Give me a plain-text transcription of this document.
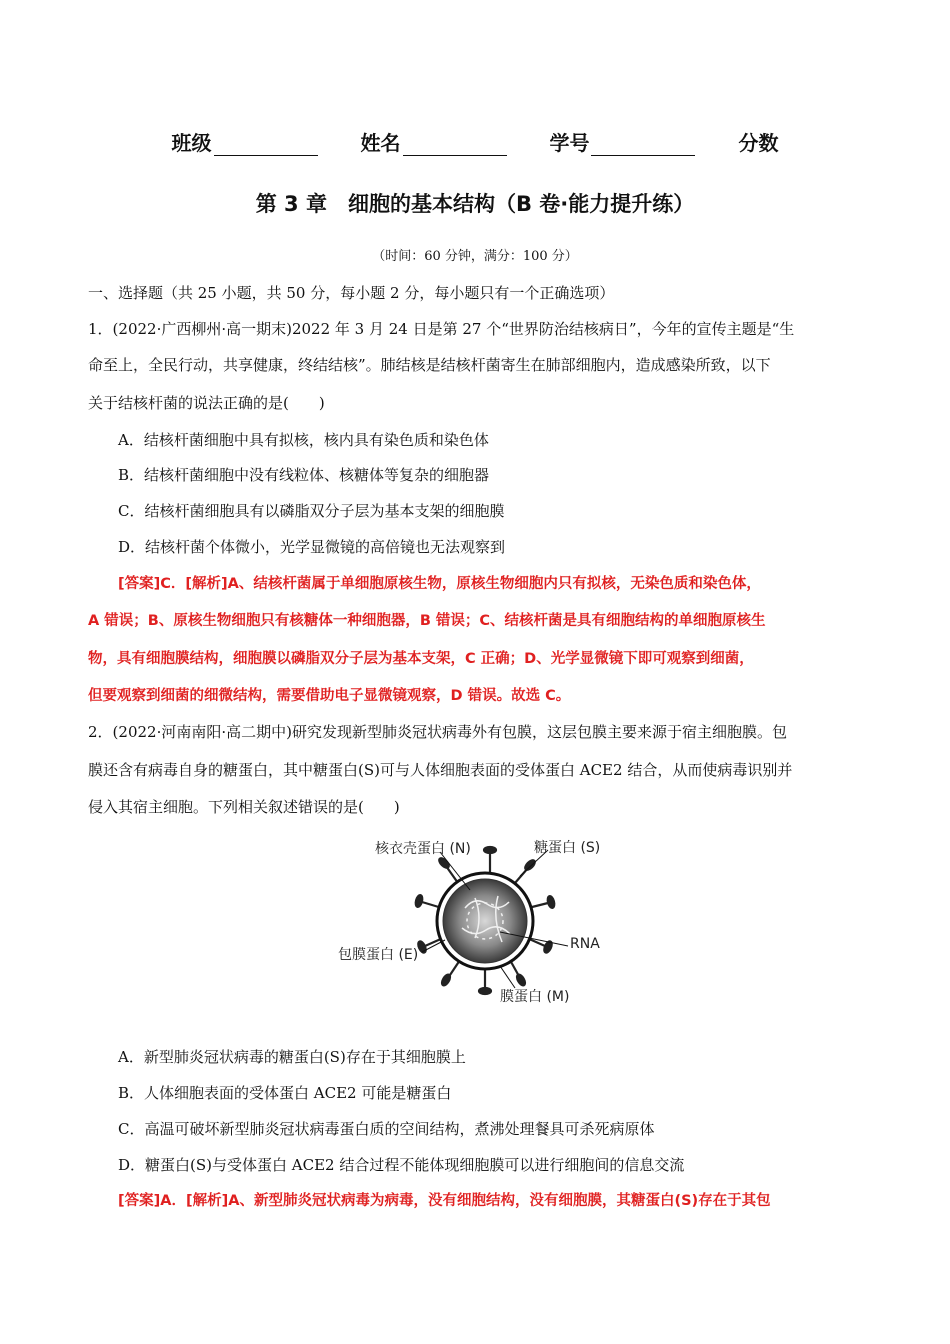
班级	姓名	学号	分数
第 3 章　细胞的基本结构（B 卷·能力提升练）
（时间：60 分钟，满分：100 分）
一、选择题（共 25 小题，共 50 分，每小题 2 分，每小题只有一个正确选项）
1．(2022·广西柳州·高一期末)2022 年 3 月 24 日是第 27 个“世界防治结核病日”，今年的宣传主题是“生
命至上，全民行动，共享健康，终结结核”。肺结核是结核杆菌寄生在肺部细胞内，造成感染所致，以下
关于结核杆菌的说法正确的是(　　)
A．结核杆菌细胞中具有拟核，核内具有染色质和染色体
B．结核杆菌细胞中没有线粒体、核糖体等复杂的细胞器
C．结核杆菌细胞具有以磷脂双分子层为基本支架的细胞膜
D．结核杆菌个体微小，光学显微镜的高倍镜也无法观察到
[答案]C．[解析]A、结核杆菌属于单细胞原核生物，原核生物细胞内只有拟核，无染色质和染色体，
A 错误；B、原核生物细胞只有核糖体一种细胞器，B 错误；C、结核杆菌是具有细胞结构的单细胞原核生
物，具有细胞膜结构，细胞膜以磷脂双分子层为基本支架，C 正确；D、光学显微镜下即可观察到细菌，
但要观察到细菌的细微结构，需要借助电子显微镜观察，D 错误。故选 C。
2．(2022·河南南阳·高二期中)研究发现新型肺炎冠状病毒外有包膜，这层包膜主要来源于宿主细胞膜。包
膜还含有病毒自身的糖蛋白，其中糖蛋白(S)可与人体细胞表面的受体蛋白 ACE2 结合，从而使病毒识别并
侵入其宿主细胞。下列相关叙述错误的是(　　)
核衣壳蛋白 (N)	糖蛋白 (S)
包膜蛋白 (E)
RNA
膜蛋白 (M)
A．新型肺炎冠状病毒的糖蛋白(S)存在于其细胞膜上
B．人体细胞表面的受体蛋白 ACE2 可能是糖蛋白
C．高温可破坏新型肺炎冠状病毒蛋白质的空间结构，煮沸处理餐具可杀死病原体
D．糖蛋白(S)与受体蛋白 ACE2 结合过程不能体现细胞膜可以进行细胞间的信息交流
[答案]A．[解析]A、新型肺炎冠状病毒为病毒，没有细胞结构，没有细胞膜，其糖蛋白(S)存在于其包
